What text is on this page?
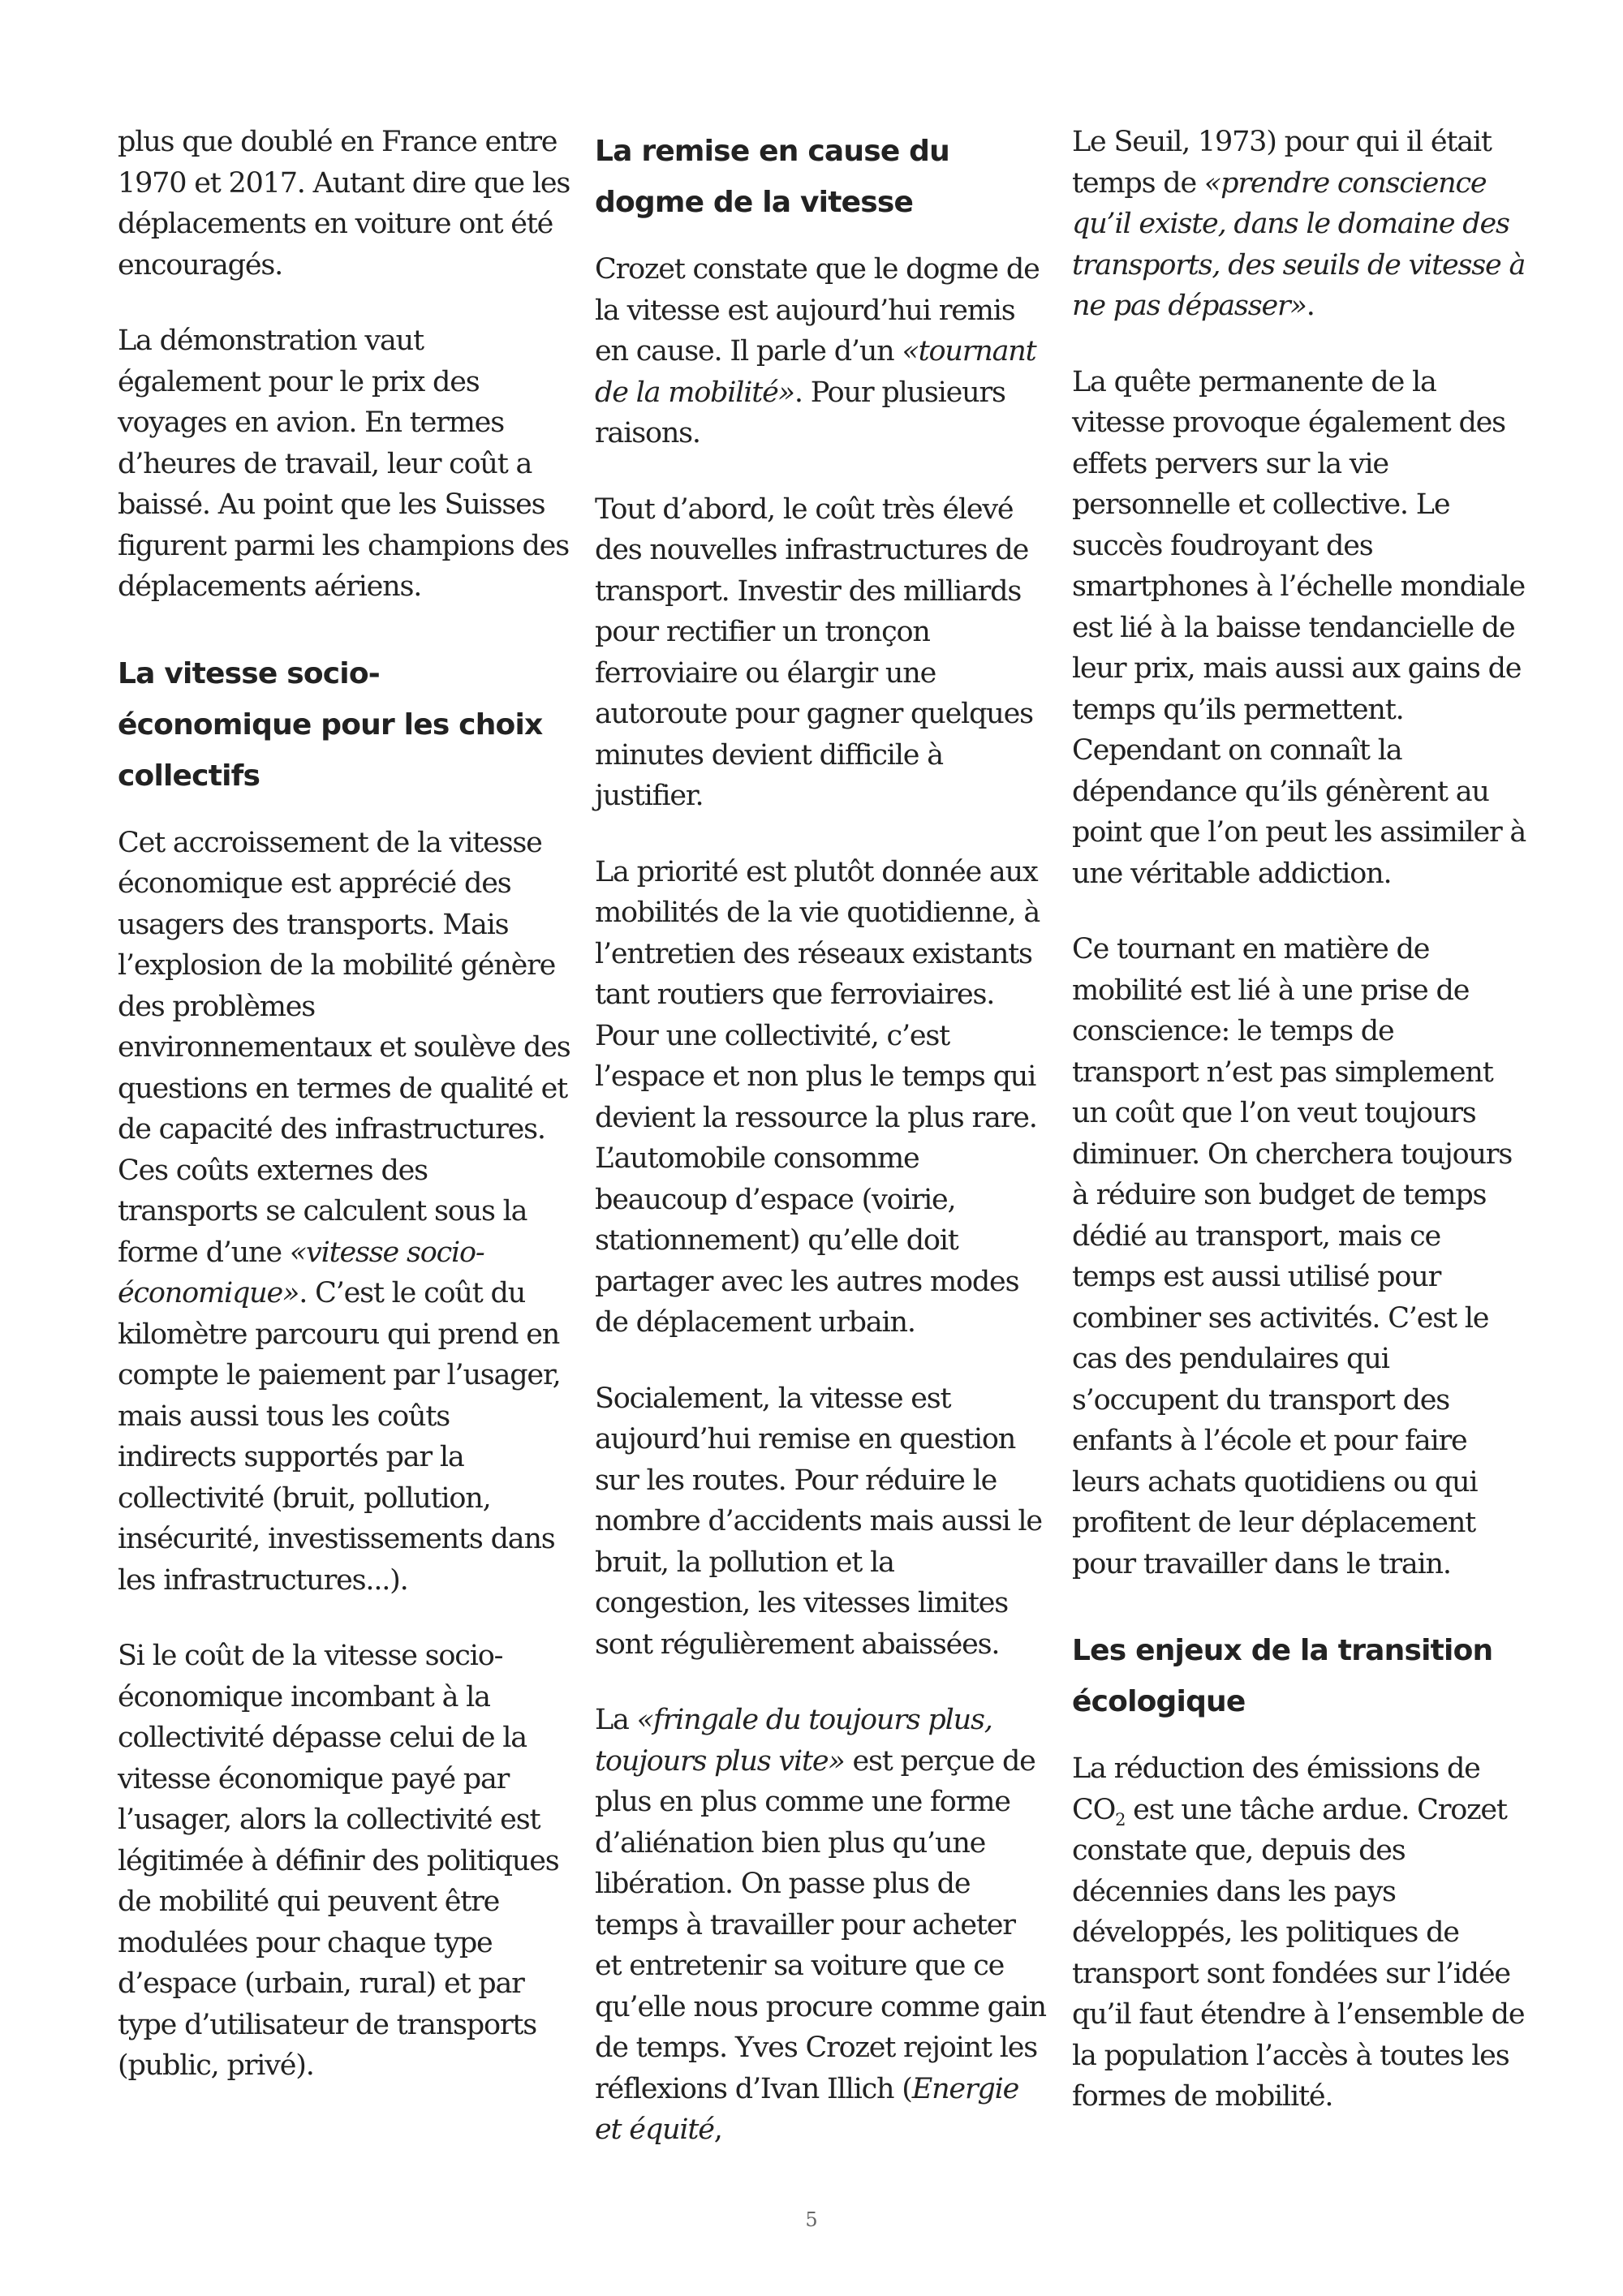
plus que doublé en France entre 1970 et 2017. Autant dire que les déplacements en voiture ont été encouragés.

La démonstration vaut également pour le prix des voyages en avion. En termes d’heures de travail, leur coût a baissé. Au point que les Suisses figurent parmi les champions des déplacements aériens.

La vitesse socio-économique pour les choix collectifs

Cet accroissement de la vitesse économique est apprécié des usagers des transports. Mais l’explosion de la mobilité génère des problèmes environnementaux et soulève des questions en termes de qualité et de capacité des infrastructures. Ces coûts externes des transports se calculent sous la forme d’une «vitesse socio-économique». C’est le coût du kilomètre parcouru qui prend en compte le paiement par l’usager, mais aussi tous les coûts indirects supportés par la collectivité (bruit, pollution, insécurité, investissements dans les infrastructures...).

Si le coût de la vitesse socio-économique incombant à la collectivité dépasse celui de la vitesse économique payé par l’usager, alors la collectivité est légitimée à définir des politiques de mobilité qui peuvent être modulées pour chaque type d’espace (urbain, rural) et par type d’utilisateur de transports (public, privé).

La remise en cause du dogme de la vitesse

Crozet constate que le dogme de la vitesse est aujourd’hui remis en cause. Il parle d’un «tournant de la mobilité». Pour plusieurs raisons.

Tout d’abord, le coût très élevé des nouvelles infrastructures de transport. Investir des milliards pour rectifier un tronçon ferroviaire ou élargir une autoroute pour gagner quelques minutes devient difficile à justifier.

La priorité est plutôt donnée aux mobilités de la vie quotidienne, à l’entretien des réseaux existants tant routiers que ferroviaires. Pour une collectivité, c’est l’espace et non plus le temps qui devient la ressource la plus rare. L’automobile consomme beaucoup d’espace (voirie, stationnement) qu’elle doit partager avec les autres modes de déplacement urbain.

Socialement, la vitesse est aujourd’hui remise en question sur les routes. Pour réduire le nombre d’accidents mais aussi le bruit, la pollution et la congestion, les vitesses limites sont régulièrement abaissées.

La «fringale du toujours plus, toujours plus vite» est perçue de plus en plus comme une forme d’aliénation bien plus qu’une libération. On passe plus de temps à travailler pour acheter et entretenir sa voiture que ce qu’elle nous procure comme gain de temps. Yves Crozet rejoint les réflexions d’Ivan Illich (Energie et équité,

Le Seuil, 1973) pour qui il était temps de «prendre conscience qu’il existe, dans le domaine des transports, des seuils de vitesse à ne pas dépasser».

La quête permanente de la vitesse provoque également des effets pervers sur la vie personnelle et collective. Le succès foudroyant des smartphones à l’échelle mondiale est lié à la baisse tendancielle de leur prix, mais aussi aux gains de temps qu’ils permettent. Cependant on connaît la dépendance qu’ils génèrent au point que l’on peut les assimiler à une véritable addiction.

Ce tournant en matière de mobilité est lié à une prise de conscience: le temps de transport n’est pas simplement un coût que l’on veut toujours diminuer. On cherchera toujours à réduire son budget de temps dédié au transport, mais ce temps est aussi utilisé pour combiner ses activités. C’est le cas des pendulaires qui s’occupent du transport des enfants à l’école et pour faire leurs achats quotidiens ou qui profitent de leur déplacement pour travailler dans le train.

Les enjeux de la transition écologique

La réduction des émissions de $CO_2$ est une tâche ardue. Crozet constate que, depuis des décennies dans les pays développés, les politiques de transport sont fondées sur l’idée qu’il faut étendre à l’ensemble de la population l’accès à toutes les formes de mobilité.

5
